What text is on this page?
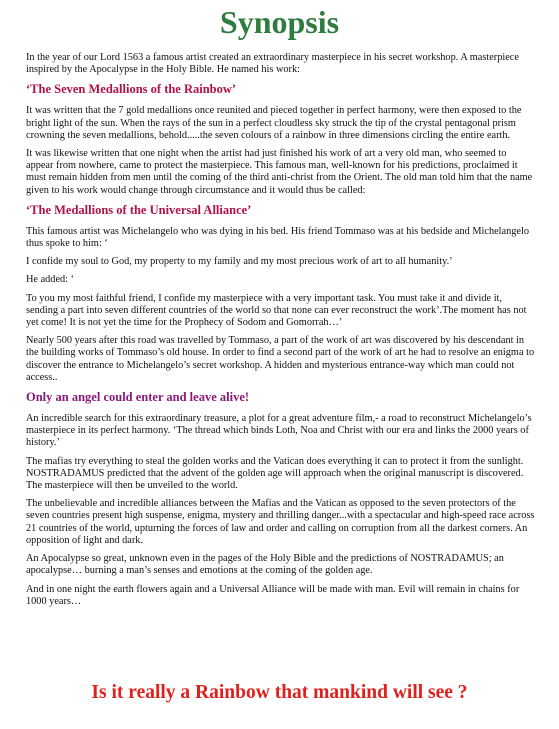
Synopsis

In the year of our Lord 1563 a famous artist created an extraordinary masterpiece in his secret workshop. A masterpiece inspired by the Apocalypse in the Holy Bible. He named his work:

‘The Seven Medallions of the Rainbow’

It was written that the 7 gold medallions once reunited and pieced together in perfect harmony, were then exposed to the bright light of the sun. When the rays of the sun in a perfect cloudless sky struck the tip of the crystal pentagonal prism crowning the seven medallions, behold.....the seven colours of a rainbow in three dimensions circling the entire earth.

It was likewise written that one night when the artist had just finished his work of art a very old man, who seemed to appear from nowhere, came to protect the masterpiece. This famous man, well-known for his predictions, proclaimed it must remain hidden from men until the coming of the third anti-christ from the Orient. The old man told him that the name given to his work would change through circumstance and it would thus be called:

‘The Medallions of the Universal Alliance’

This famous artist was Michelangelo who was dying in his bed. His friend Tommaso was at his bedside and Michelangelo thus spoke to him: ‘

I confide my soul to God, my property to my family and my most precious work of art to all humanity.’

He added: ‘

To you my most faithful friend, I confide my masterpiece with a very important task. You must take it and divide it, sending a part into seven different countries of the world so that none can ever reconstruct the work’.The moment has not yet come! It is not yet the time for the Prophecy of Sodom and Gomorrah…’

Nearly 500 years after this road was travelled by Tommaso, a part of the work of art was discovered by his descendant in the building works of Tommaso’s old house. In order to find a second part of the work of art he had to resolve an enigma to discover the entrance to Michelangelo’s secret workshop. A hidden and mysterious entrance-way which man could not access..

Only an angel could enter and leave alive!

An incredible search for this extraordinary treasure, a plot for a great adventure film,- a road to reconstruct Michelangelo’s masterpiece in its perfect harmony. ‘The thread which binds Loth, Noa and Christ with our era and links the 2000 years of history.’

The mafias try everything to steal the golden works and the Vatican does everything it can to protect it from the sunlight. NOSTRADAMUS predicted that the advent of the golden age will approach when the original manuscript is discovered. The masterpiece will then be unveiled to the world.

The unbelievable and incredible alliances between the Mafias and the Vatican as opposed to the seven protectors of the seven countries present high suspense, enigma, mystery and thrilling danger...with a spectacular and high-speed race across 21 countries of the world, upturning the forces of law and order and calling on corruption from all the darkest corners. An opposition of light and dark.

An Apocalypse so great, unknown even in the pages of the Holy Bible and the predictions of NOSTRADAMUS; an apocalypse… burning a man’s senses and emotions at the coming of the golden age.

And in one night the earth flowers again and a Universal Alliance will be made with man. Evil will remain in chains for 1000 years…

Is it really a Rainbow that mankind will see ?
